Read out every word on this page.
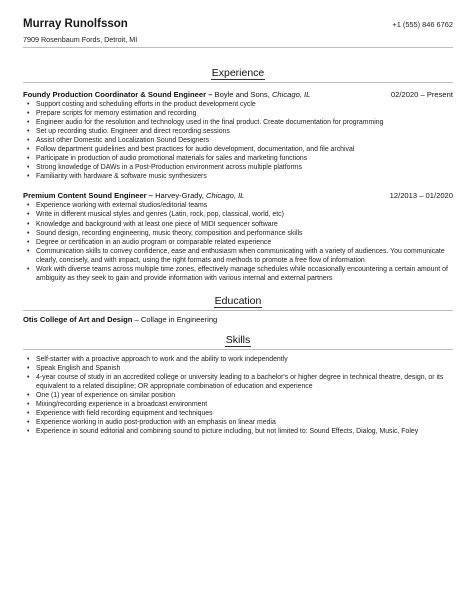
Murray Runolfsson
7909 Rosenbaum Fords, Detroit, MI
+1 (555) 846 6762
Experience
Foundy Production Coordinator & Sound Engineer – Boyle and Sons, Chicago, IL	02/2020 – Present
• Support costing and scheduling efforts in the product development cycle
• Prepare scripts for memory estimation and recording
• Engineer audio for the resolution and technology used in the final product. Create documentation for programming
• Set up recording studio. Engineer and direct recording sessions
• Assist other Domestic and Localization Sound Designers
• Follow department guidelines and best practices for audio development, documentation, and file archival
• Participate in production of audio promotional materials for sales and marketing functions
• Strong knowledge of DAWs in a Post-Production environment across multiple platforms
• Familiarity with hardware & software music synthesizers
Premium Content Sound Engineer – Harvey-Grady, Chicago, IL	12/2013 – 01/2020
• Experience working with external studios/editorial teams
• Write in different musical styles and genres (Latin, rock, pop, classical, world, etc)
• Knowledge and background with at least one piece of MIDI sequencer software
• Sound design, recording engineering, music theory, composition and performance skills
• Degree or certification in an audio program or comparable related experience
• Communication skills to convey confidence, ease and enthusiasm when communicating with a variety of audiences. You communicate clearly, concisely, and with impact, using the right formats and methods to promote a free flow of information
• Work with diverse teams across multiple time zones, effectively manage schedules while occasionally encountering a certain amount of ambiguity as they seek to gain and provide information with various internal and external partners
Education
Otis College of Art and Design – Collage in Engineering
Skills
• Self-starter with a proactive approach to work and the ability to work independently
• Speak English and Spanish
• 4-year course of study in an accredited college or university leading to a bachelor's or higher degree in technical theatre, design, or its equivalent to a related discipline; OR appropriate combination of education and experience
• One (1) year of experience on similar position
• Mixing/recording experience in a broadcast environment
• Experience with field recording equipment and techniques
• Experience working in audio post-production with an emphasis on linear media
• Experience in sound editorial and combining sound to picture including, but not limited to: Sound Effects, Dialog, Music, Foley
